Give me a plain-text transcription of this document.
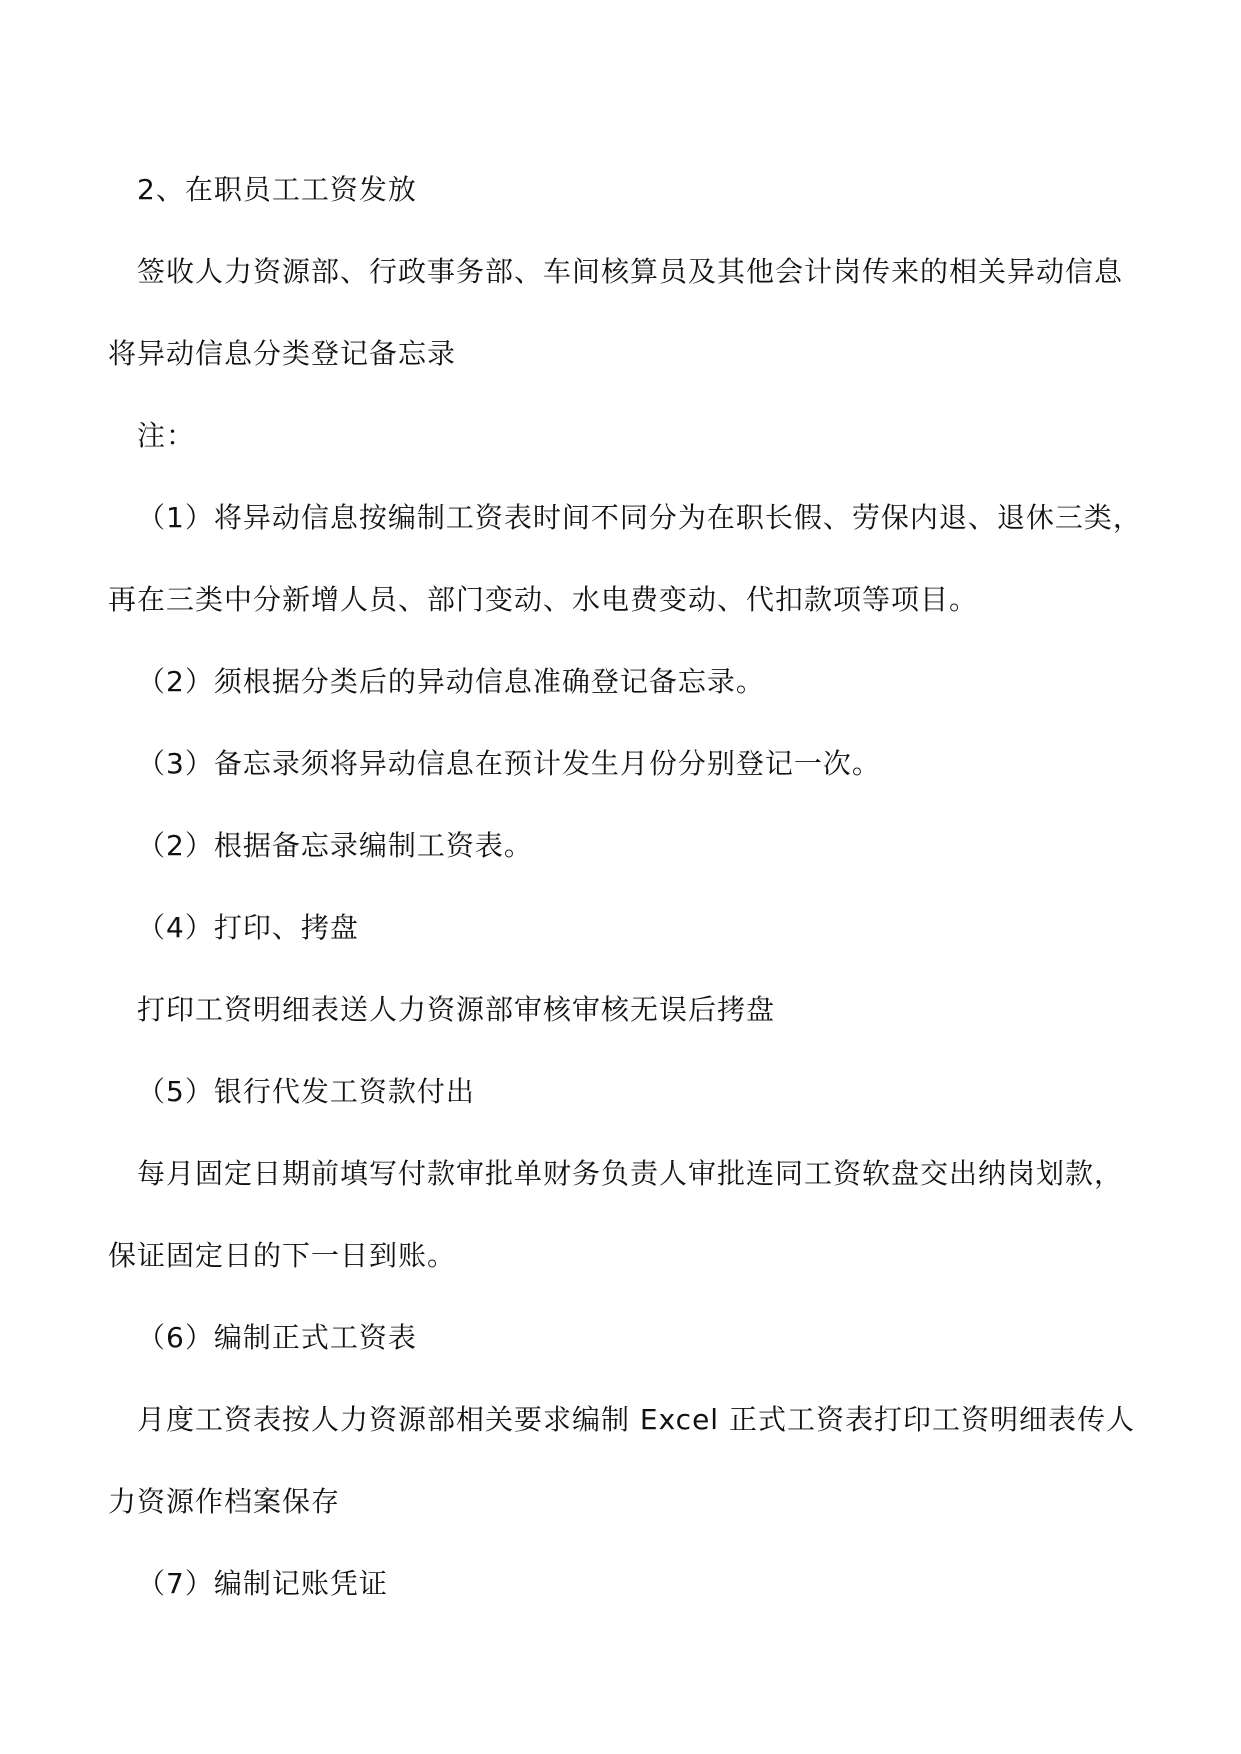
2、在职员工工资发放
签收人力资源部、行政事务部、车间核算员及其他会计岗传来的相关异动信息
将异动信息分类登记备忘录
注：
（1）将异动信息按编制工资表时间不同分为在职长假、劳保内退、退休三类，
再在三类中分新增人员、部门变动、水电费变动、代扣款项等项目。
（2）须根据分类后的异动信息准确登记备忘录。
（3）备忘录须将异动信息在预计发生月份分别登记一次。
（2）根据备忘录编制工资表。
（4）打印、拷盘
打印工资明细表送人力资源部审核审核无误后拷盘
（5）银行代发工资款付出
每月固定日期前填写付款审批单财务负责人审批连同工资软盘交出纳岗划款，
保证固定日的下一日到账。
（6）编制正式工资表
月度工资表按人力资源部相关要求编制 Excel 正式工资表打印工资明细表传人
力资源作档案保存
（7）编制记账凭证
